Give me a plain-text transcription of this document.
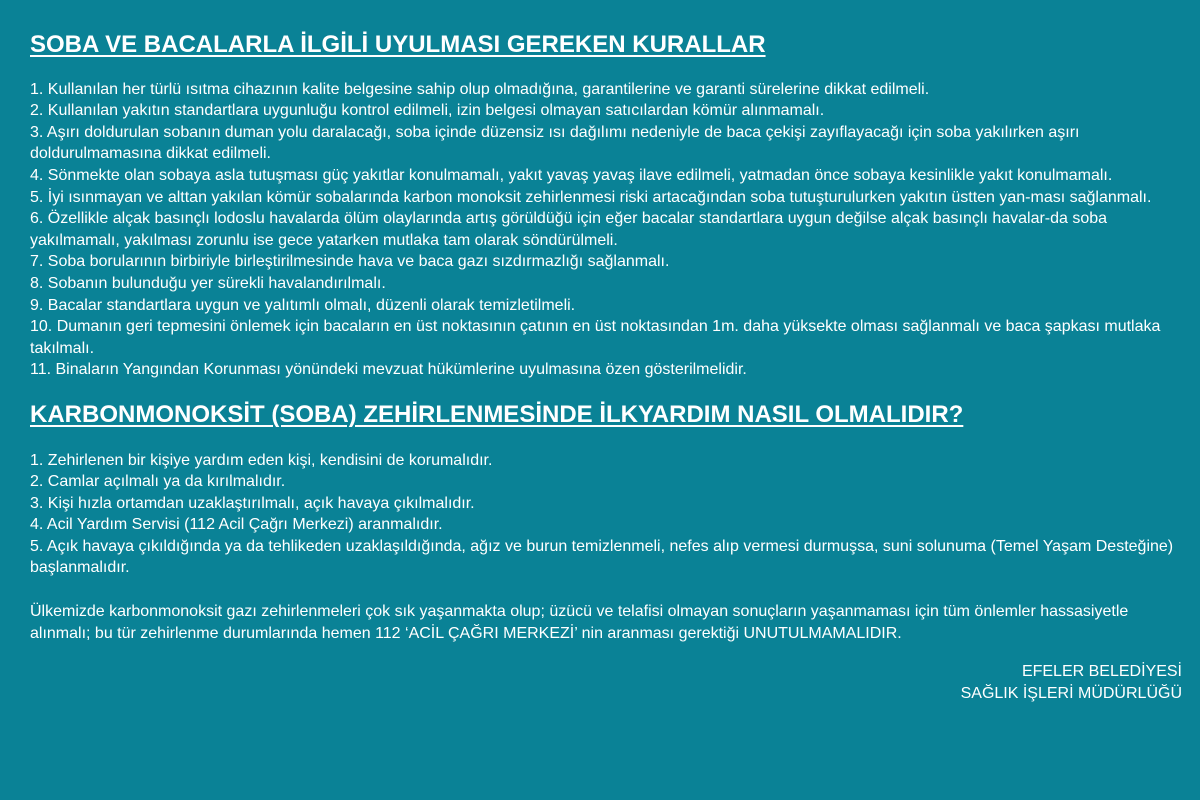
SOBA VE BACALARLA İLGİLİ UYULMASI GEREKEN KURALLAR
1. Kullanılan her türlü ısıtma cihazının kalite belgesine sahip olup olmadığına, garantilerine ve garanti sürelerine dikkat edilmeli.
2. Kullanılan yakıtın standartlara uygunluğu kontrol edilmeli, izin belgesi olmayan satıcılardan kömür alınmamalı.
3. Aşırı doldurulan sobanın duman yolu daralacağı, soba içinde düzensiz ısı dağılımı nedeniyle de baca çekişi zayıflayacağı için soba yakılırken aşırı doldurulmamasına dikkat edilmeli.
4. Sönmekte olan sobaya asla tutuşması güç yakıtlar konulmamalı, yakıt yavaş yavaş ilave edilmeli, yatmadan önce sobaya kesinlikle yakıt konulmamalı.
5. İyi ısınmayan ve alttan yakılan kömür sobalarında karbon monoksit zehirlenmesi riski artacağından soba tutuşturulurken yakıtın üstten yan-ması sağlanmalı.
6. Özellikle alçak basınçlı lodoslu havalarda ölüm olaylarında artış görüldüğü için eğer bacalar standartlara uygun değilse alçak basınçlı havalar-da soba yakılmamalı, yakılması zorunlu ise gece yatarken mutlaka tam olarak söndürülmeli.
7. Soba borularının birbiriyle birleştirilmesinde hava ve baca gazı sızdırmazlığı sağlanmalı.
8. Sobanın bulunduğu yer sürekli havalandırılmalı.
9. Bacalar standartlara uygun ve yalıtımlı olmalı, düzenli olarak temizletilmeli.
10. Dumanın geri tepmesini önlemek için bacaların en üst noktasının çatının en üst noktasından 1m. daha yüksekte olması sağlanmalı ve baca şapkası mutlaka takılmalı.
11. Binaların Yangından Korunması yönündeki mevzuat hükümlerine uyulmasına özen gösterilmelidir.
KARBONMONOKSİT (SOBA) ZEHİRLENMESİNDE İLKYARDIM NASIL OLMALIDIR?
1. Zehirlenen bir kişiye yardım eden kişi, kendisini de korumalıdır.
2. Camlar açılmalı ya da kırılmalıdır.
3. Kişi hızla ortamdan uzaklaştırılmalı, açık havaya çıkılmalıdır.
4. Acil Yardım Servisi (112 Acil Çağrı Merkezi) aranmalıdır.
5. Açık havaya çıkıldığında ya da tehlikeden uzaklaşıldığında, ağız ve burun temizlenmeli, nefes alıp vermesi durmuşsa, suni solunuma (Temel Yaşam Desteğine) başlanmalıdır.

Ülkemizde karbonmonoksit gazı zehirlenmeleri çok sık yaşanmakta olup; üzücü ve telafisi olmayan sonuçların yaşanmaması için tüm önlemler hassasiyetle alınmalı; bu tür zehirlenme durumlarında hemen 112 ‘ACİL ÇAĞRI MERKEZİ’ nin aranması gerektiği UNUTULMAMALIDIR.

EFELER BELEDİYESİ
SAĞLIK İŞLERİ MÜDÜRLÜĞÜ
